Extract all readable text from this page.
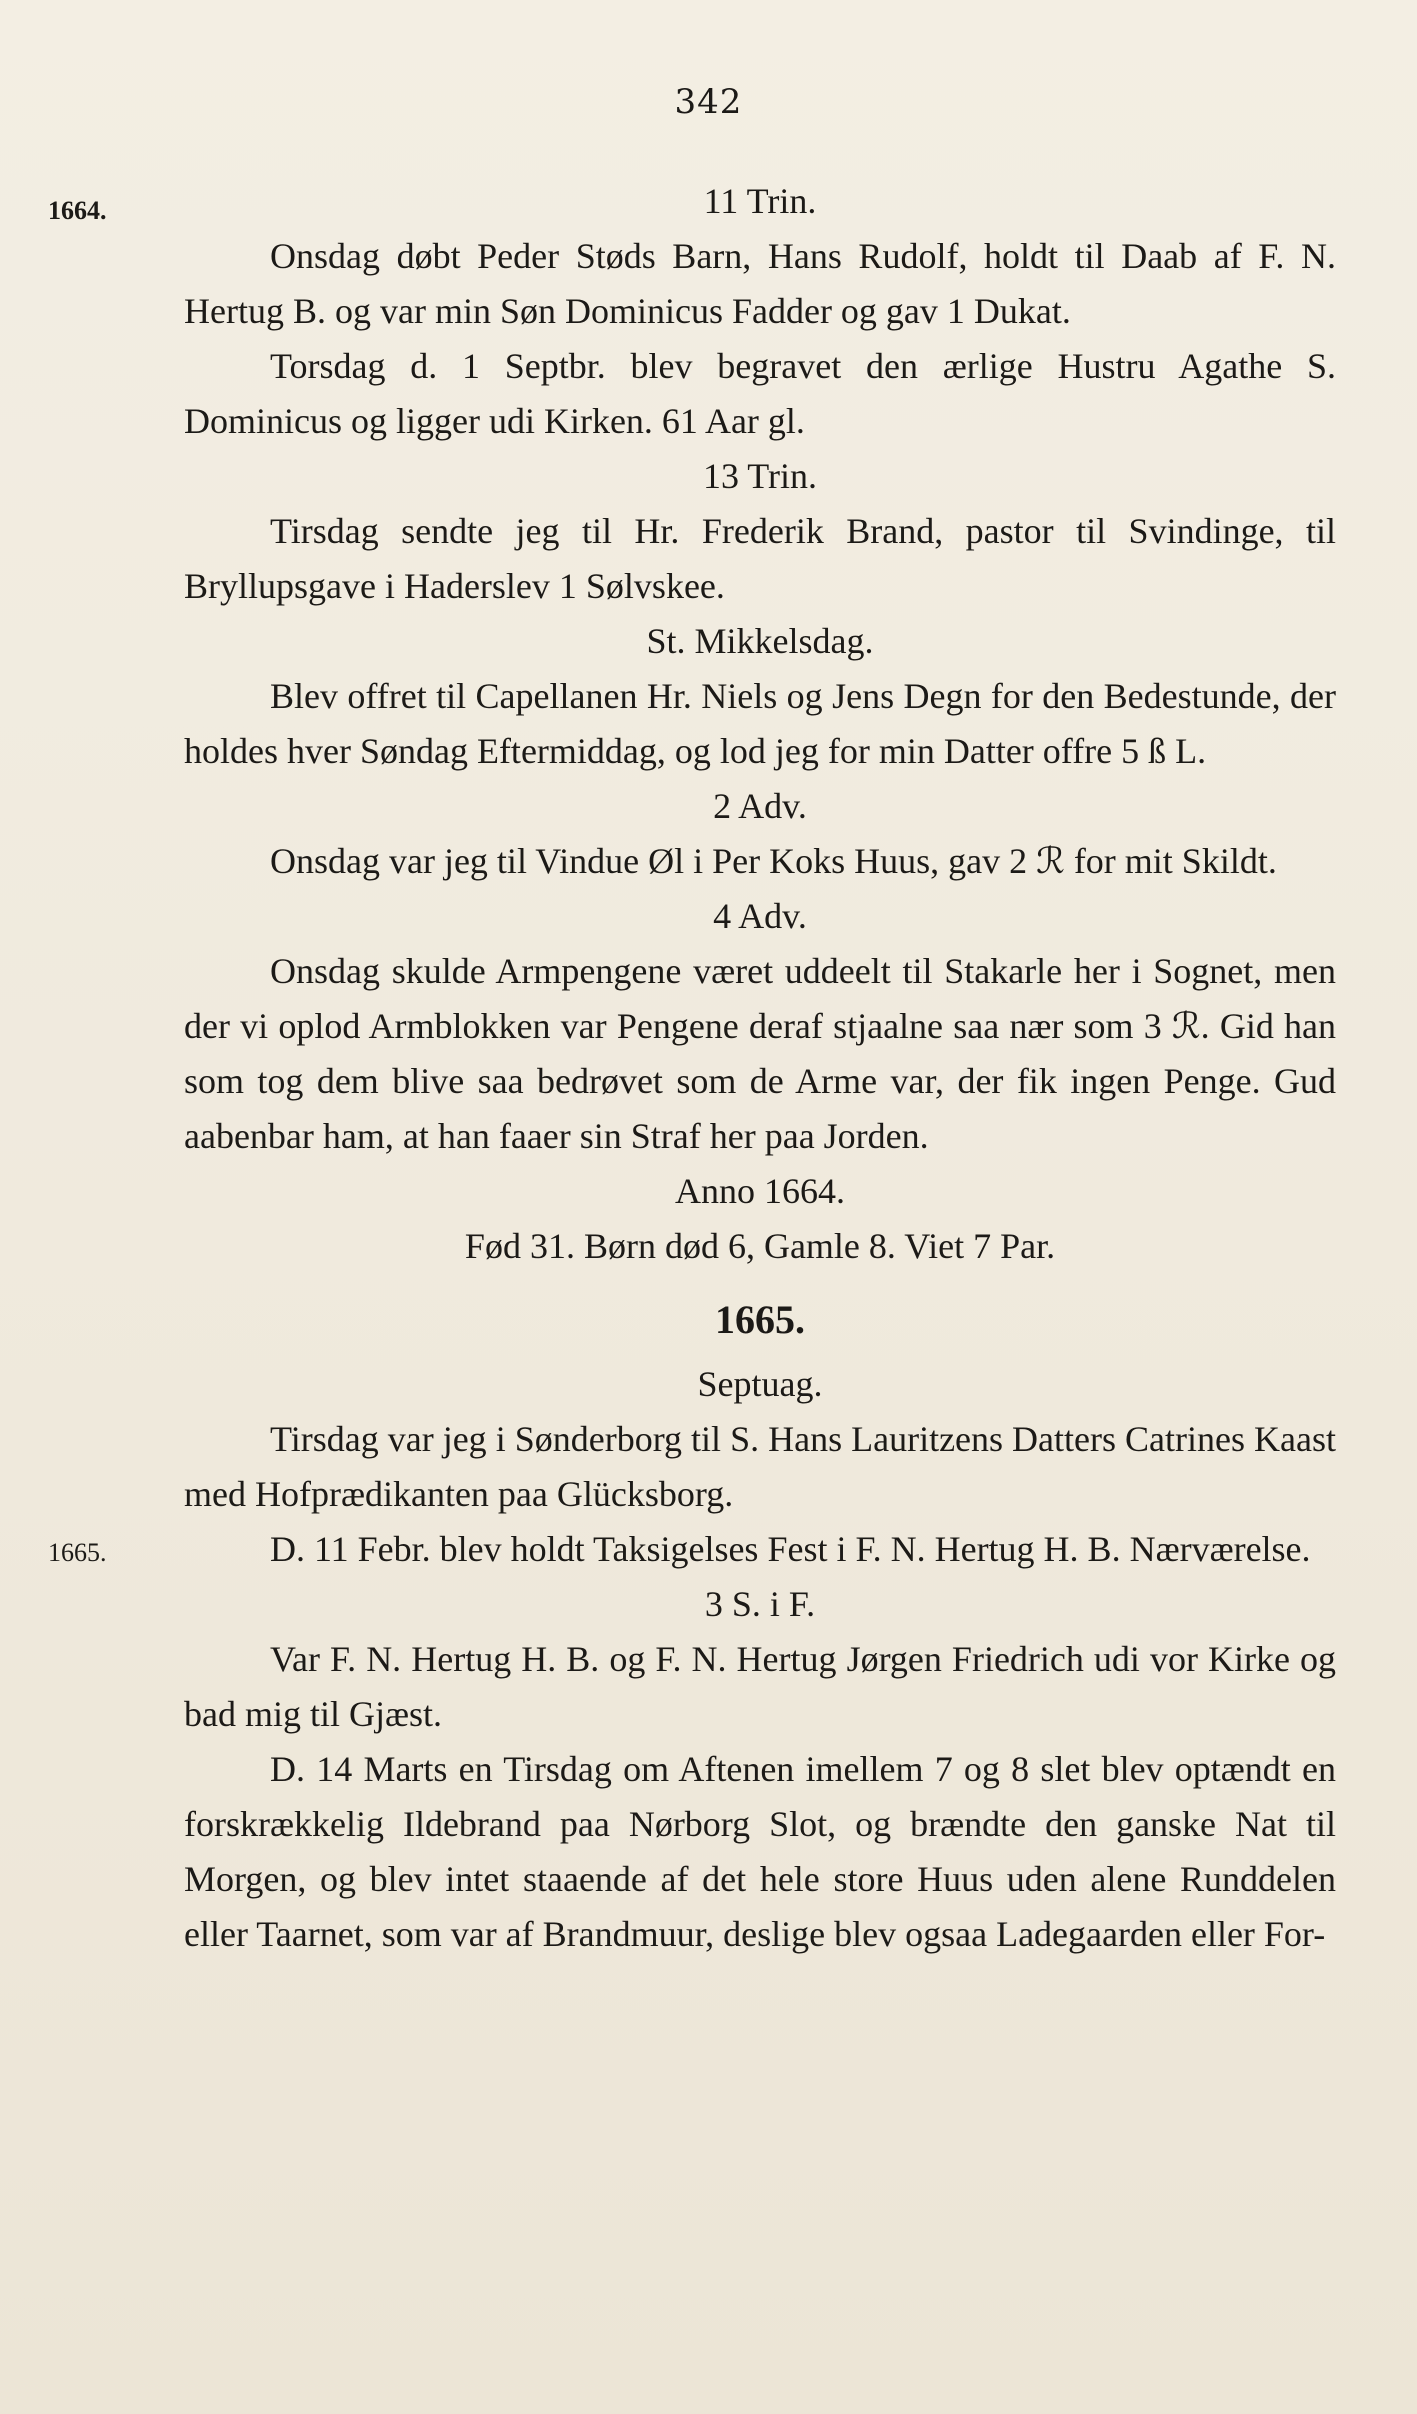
342
1664.
1665.
11 Trin.
Onsdag døbt Peder Støds Barn, Hans Rudolf, holdt til Daab af F. N. Hertug B. og var min Søn Dominicus Fadder og gav 1 Dukat.
Torsdag d. 1 Septbr. blev begravet den ærlige Hustru Agathe S. Dominicus og ligger udi Kirken. 61 Aar gl.
13 Trin.
Tirsdag sendte jeg til Hr. Frederik Brand, pastor til Svindinge, til Bryllupsgave i Haderslev 1 Sølvskee.
St. Mikkelsdag.
Blev offret til Capellanen Hr. Niels og Jens Degn for den Bedestunde, der holdes hver Søndag Eftermiddag, og lod jeg for min Datter offre 5 ß L.
2 Adv.
Onsdag var jeg til Vindue Øl i Per Koks Huus, gav 2 ℛ for mit Skildt.
4 Adv.
Onsdag skulde Armpengene været uddeelt til Stakarle her i Sognet, men der vi oplod Armblokken var Pengene deraf stjaalne saa nær som 3 ℛ. Gid han som tog dem blive saa bedrøvet som de Arme var, der fik ingen Penge. Gud aabenbar ham, at han faaer sin Straf her paa Jorden.
Anno 1664.
Fød 31. Børn død 6, Gamle 8. Viet 7 Par.
1665.
Septuag.
Tirsdag var jeg i Sønderborg til S. Hans Lauritzens Datters Catrines Kaast med Hofprædikanten paa Glücksborg.
D. 11 Febr. blev holdt Taksigelses Fest i F. N. Hertug H. B. Nærværelse.
3 S. i F.
Var F. N. Hertug H. B. og F. N. Hertug Jørgen Friedrich udi vor Kirke og bad mig til Gjæst.
D. 14 Marts en Tirsdag om Aftenen imellem 7 og 8 slet blev optændt en forskrækkelig Ildebrand paa Nørborg Slot, og brændte den ganske Nat til Morgen, og blev intet staaende af det hele store Huus uden alene Runddelen eller Taarnet, som var af Brandmuur, deslige blev ogsaa Ladegaarden eller For-
